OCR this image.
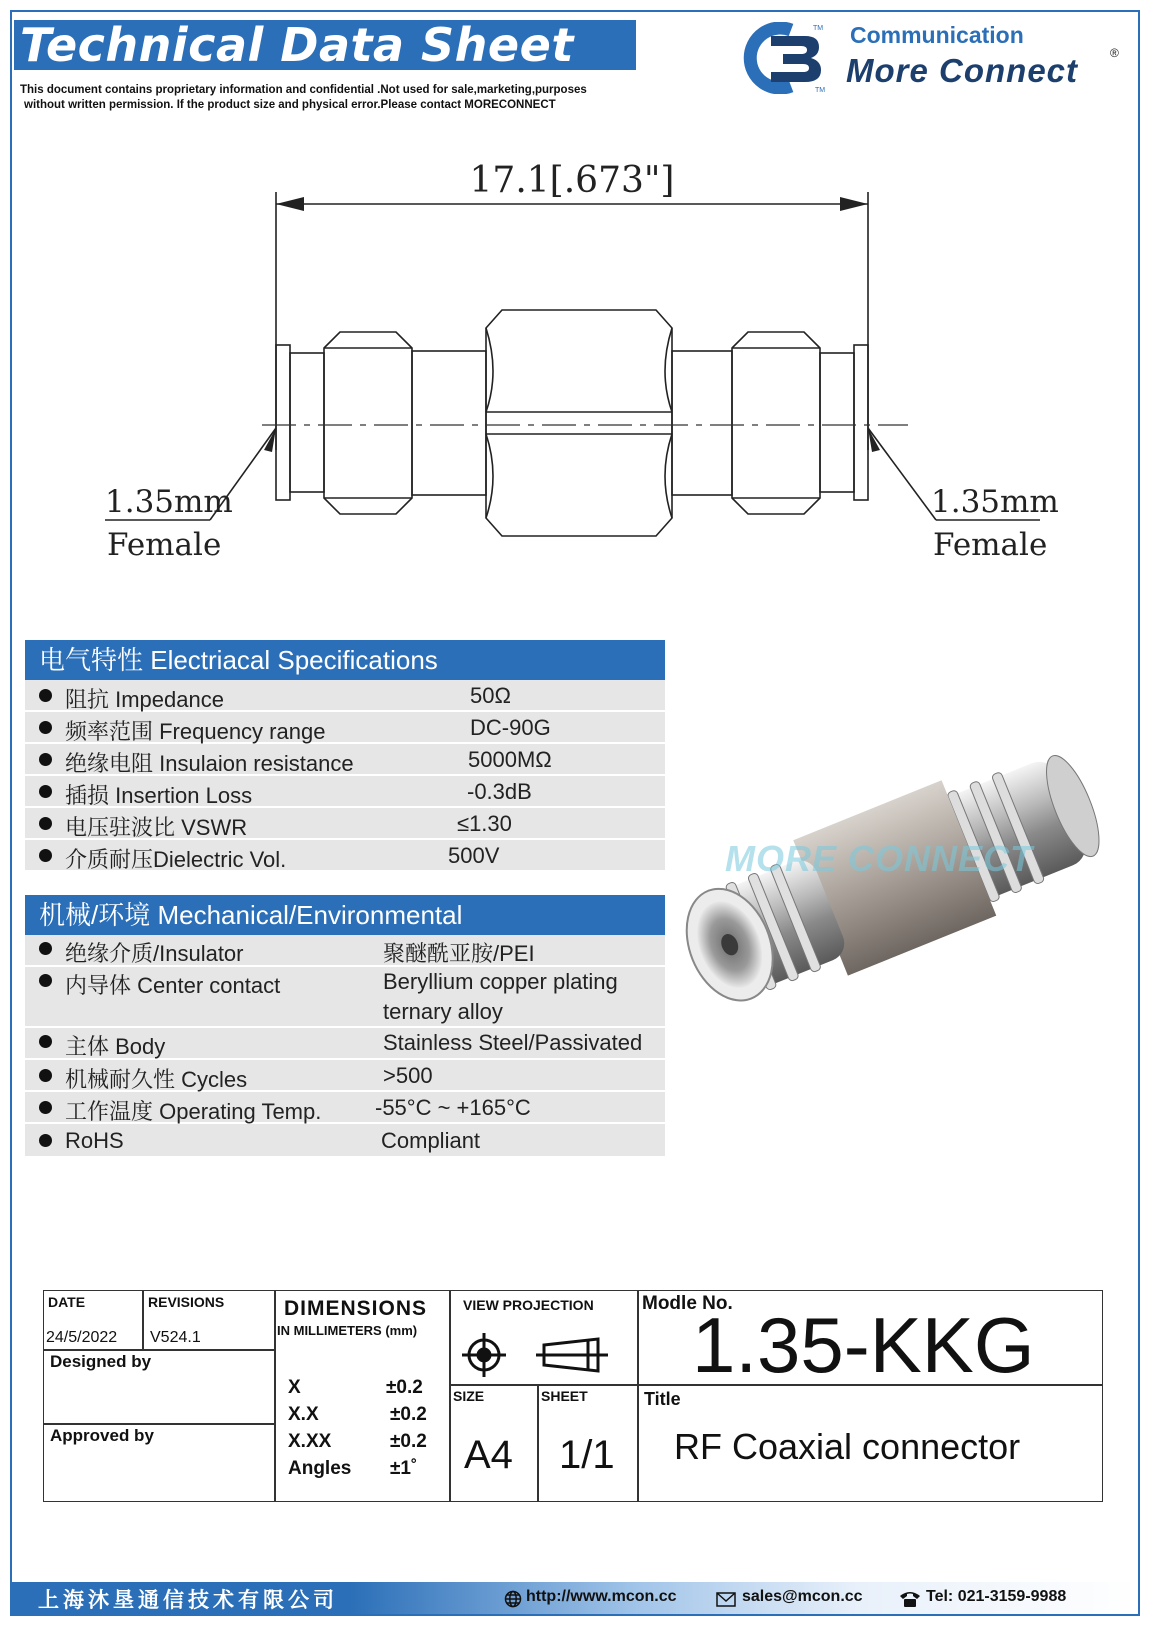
Technical Data Sheet
This document contains proprietary information and confidential .Not used for sale,marketing,purposes
without written permission. If the product size and physical error.Please contact MORECONNECT
TM
TM
Communication
More Connect	®
17.1[.673"]
1.35mm
Female
1.35mm
Female
电气特性 Electriacal Specifications
阻抗 Impedance	50Ω
频率范围 Frequency range	DC-90G
绝缘电阻 Insulaion resistance	5000MΩ
插损 Insertion Loss	-0.3dB
电压驻波比 VSWR	≤1.30
介质耐压Dielectric Vol.	500V
机械/环境 Mechanical/Environmental
绝缘介质/Insulator	聚醚酰亚胺/PEI
内导体 Center contact	Beryllium copper plating
ternary alloy
主体 Body	Stainless Steel/Passivated
机械耐久性 Cycles	>500
工作温度 Operating Temp. -55°C ~ +165°C
RoHS	Compliant
MORE CONNECT
DATE
24/5/2022
REVISIONS
V524.1
Designed by
Approved by
DIMENSIONS
IN MILLIMETERS (mm)
X	±0.2
X.X	±0.2
X.XX	±0.2
Angles ±1˚
VIEW PROJECTION
SIZE
A4
SHEET
1/1
Modle No.
1.35-KKG
Title
RF Coaxial connector
上海沐垦通信技术有限公司	http://www.mcon.cc	sales@mcon.cc	Tel: 021-3159-9988
